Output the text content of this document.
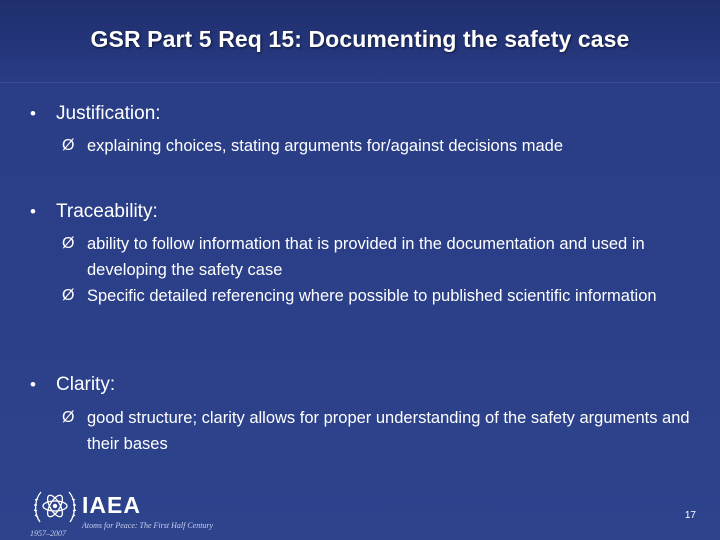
GSR Part 5 Req 15: Documenting the safety case
• Justification:
Ø explaining choices, stating arguments for/against decisions made
• Traceability:
Ø ability to follow information that is provided in the documentation and used in developing the safety case
Ø Specific detailed referencing where possible to published scientific information
• Clarity:
Ø good structure; clarity allows for proper understanding of the safety arguments and their bases
IAEA
Atoms for Peace: The First Half Century
1957–2007
17
